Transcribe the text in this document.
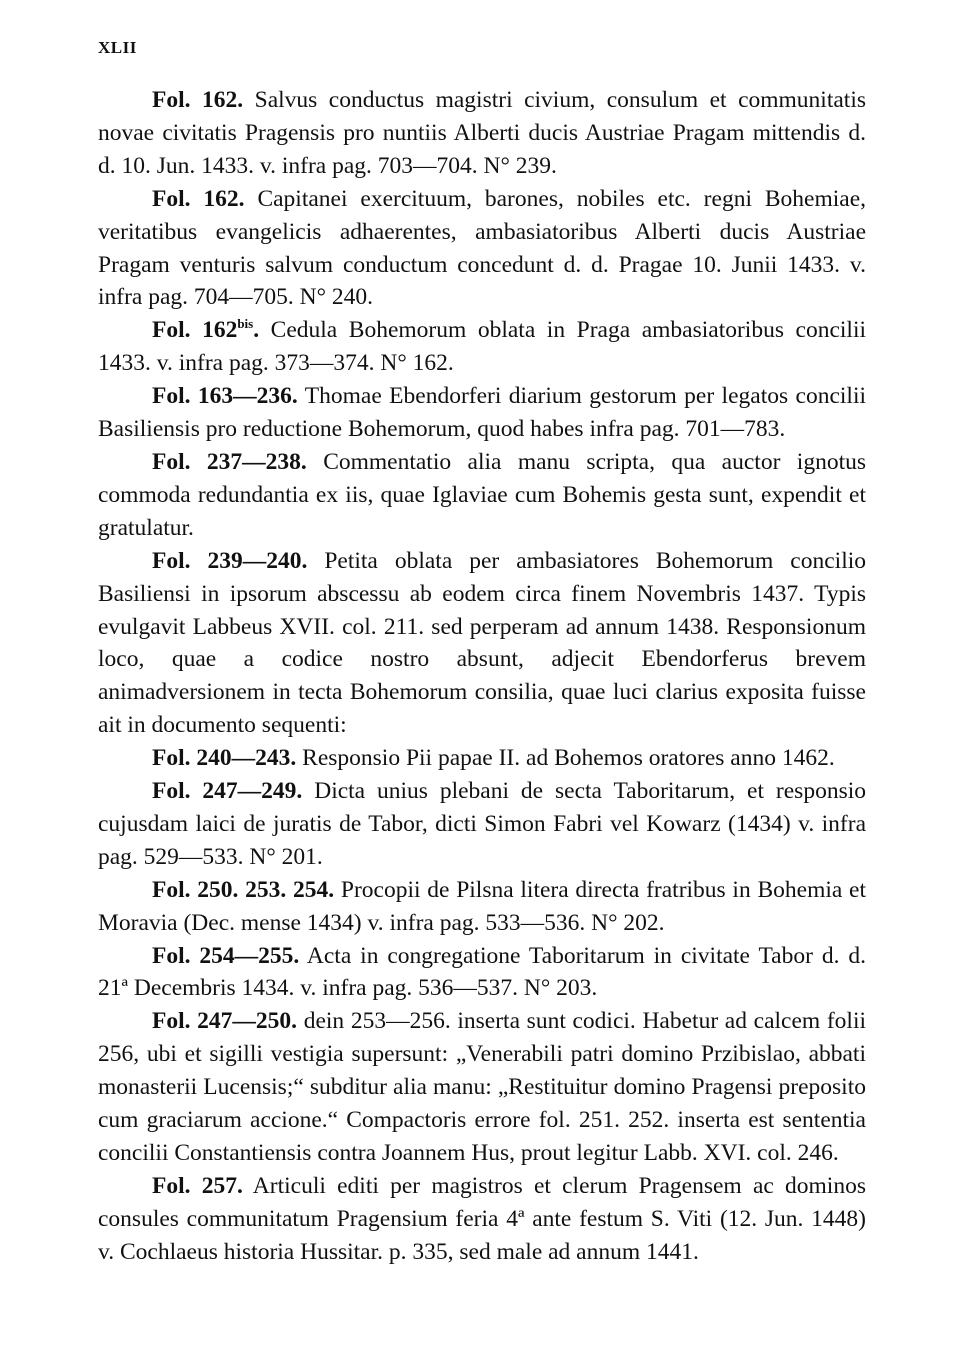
XLII

Fol. 162. Salvus conductus magistri civium, consulum et communitatis novae civitatis Pragensis pro nuntiis Alberti ducis Austriae Pragam mittendis d. d. 10. Jun. 1433. v. infra pag. 703—704. N° 239.

Fol. 162. Capitanei exercituum, barones, nobiles etc. regni Bohemiae, veritatibus evangelicis adhaerentes, ambasiatoribus Alberti ducis Austriae Pragam venturis salvum conductum concedunt d. d. Pragae 10. Junii 1433. v. infra pag. 704—705. N° 240.

Fol. $162^{bis}$. Cedula Bohemorum oblata in Praga ambasiatoribus concilii 1433. v. infra pag. 373—374. N° 162.

Fol. 163—236. Thomae Ebendorferi diarium gestorum per legatos concilii Basiliensis pro reductione Bohemorum, quod habes infra pag. 701—783.

Fol. 237—238. Commentatio alia manu scripta, qua auctor ignotus commoda redundantia ex iis, quae Iglaviae cum Bohemis gesta sunt, expendit et gratulatur.

Fol. 239—240. Petita oblata per ambasiatores Bohemorum concilio Basiliensi in ipsorum abscessu ab eodem circa finem Novembris 1437. Typis evulgavit Labbeus XVII. col. 211. sed perperam ad annum 1438. Responsionum loco, quae a codice nostro absunt, adjecit Ebendorferus brevem animadversionem in tecta Bohemorum consilia, quae luci clarius exposita fuisse ait in documento sequenti:

Fol. 240—243. Responsio Pii papae II. ad Bohemos oratores anno 1462.

Fol. 247—249. Dicta unius plebani de secta Taboritarum, et responsio cujusdam laici de juratis de Tabor, dicti Simon Fabri vel Kowarz (1434) v. infra pag. 529—533. N° 201.

Fol. 250. 253. 254. Procopii de Pilsna litera directa fratribus in Bohemia et Moravia (Dec. mense 1434) v. infra pag. 533—536. N° 202.

Fol. 254—255. Acta in congregatione Taboritarum in civitate Tabor d. d. 21ª Decembris 1434. v. infra pag. 536—537. N° 203.

Fol. 247—250. dein 253—256. inserta sunt codici. Habetur ad calcem folii 256, ubi et sigilli vestigia supersunt: „Venerabili patri domino Przibislao, abbati monasterii Lucensis;“ subditur alia manu: „Restituitur domino Pragensi preposito cum graciarum accione.“ Compactoris errore fol. 251. 252. inserta est sententia concilii Constantiensis contra Joannem Hus, prout legitur Labb. XVI. col. 246.

Fol. 257. Articuli editi per magistros et clerum Pragensem ac dominos consules communitatum Pragensium feria 4ª ante festum S. Viti (12. Jun. 1448) v. Cochlaeus historia Hussitar. p. 335, sed male ad annum 1441.
